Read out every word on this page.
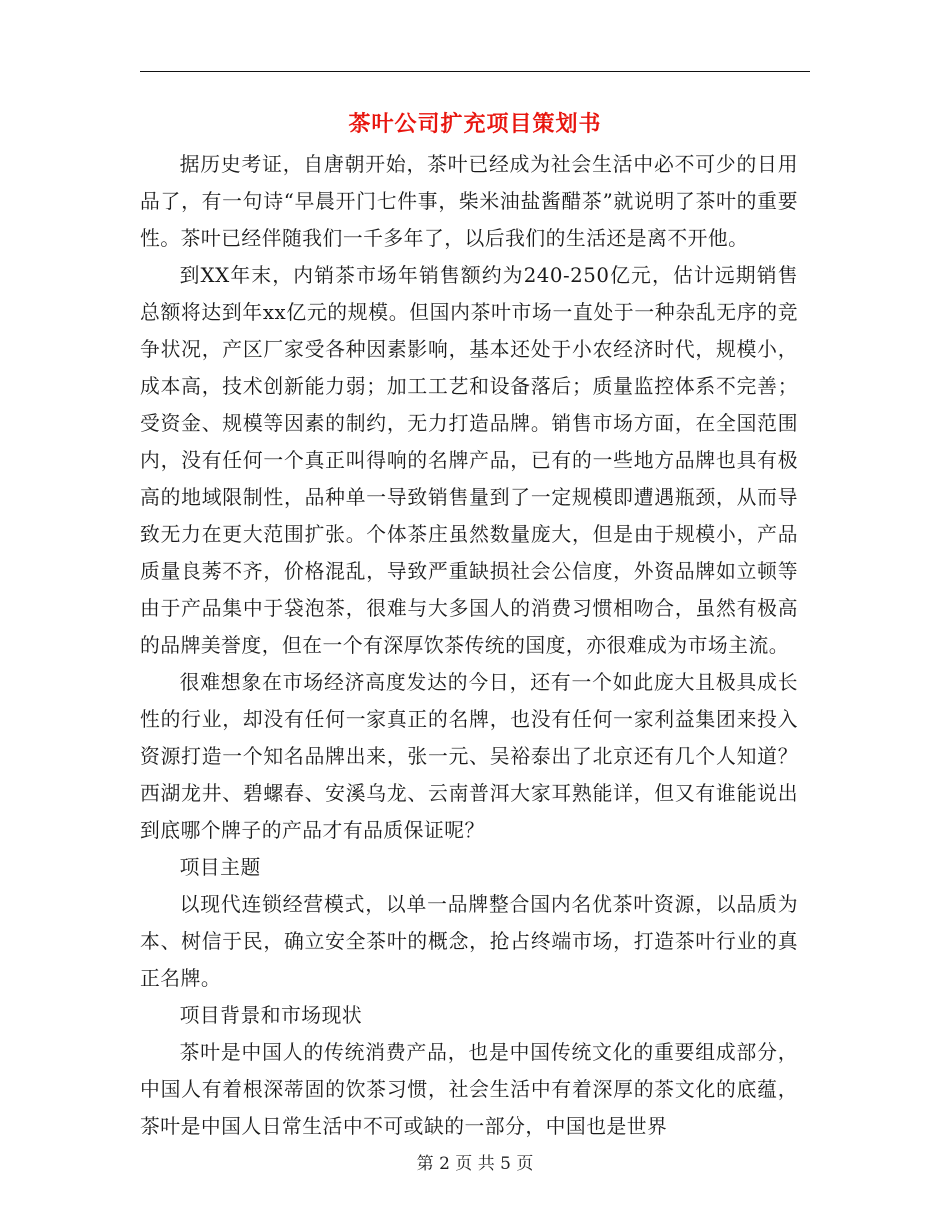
茶叶公司扩充项目策划书

据历史考证，自唐朝开始，茶叶已经成为社会生活中必不可少的日用品了，有一句诗“早晨开门七件事，柴米油盐酱醋茶”就说明了茶叶的重要性。茶叶已经伴随我们一千多年了，以后我们的生活还是离不开他。

到XX年末，内销茶市场年销售额约为240-250亿元，估计远期销售总额将达到年xx亿元的规模。但国内茶叶市场一直处于一种杂乱无序的竞争状况，产区厂家受各种因素影响，基本还处于小农经济时代，规模小，成本高，技术创新能力弱；加工工艺和设备落后；质量监控体系不完善；受资金、规模等因素的制约，无力打造品牌。销售市场方面，在全国范围内，没有任何一个真正叫得响的名牌产品，已有的一些地方品牌也具有极高的地域限制性，品种单一导致销售量到了一定规模即遭遇瓶颈，从而导致无力在更大范围扩张。个体茶庄虽然数量庞大，但是由于规模小，产品质量良莠不齐，价格混乱，导致严重缺损社会公信度，外资品牌如立顿等由于产品集中于袋泡茶，很难与大多国人的消费习惯相吻合，虽然有极高的品牌美誉度，但在一个有深厚饮茶传统的国度，亦很难成为市场主流。

很难想象在市场经济高度发达的今日，还有一个如此庞大且极具成长性的行业，却没有任何一家真正的名牌，也没有任何一家利益集团来投入资源打造一个知名品牌出来，张一元、吴裕泰出了北京还有几个人知道？西湖龙井、碧螺春、安溪乌龙、云南普洱大家耳熟能详，但又有谁能说出到底哪个牌子的产品才有品质保证呢？

项目主题

以现代连锁经营模式，以单一品牌整合国内名优茶叶资源，以品质为本、树信于民，确立安全茶叶的概念，抢占终端市场，打造茶叶行业的真正名牌。

项目背景和市场现状

茶叶是中国人的传统消费产品，也是中国传统文化的重要组成部分，中国人有着根深蒂固的饮茶习惯，社会生活中有着深厚的茶文化的底蕴，茶叶是中国人日常生活中不可或缺的一部分，中国也是世界

第 2 页 共 5 页
